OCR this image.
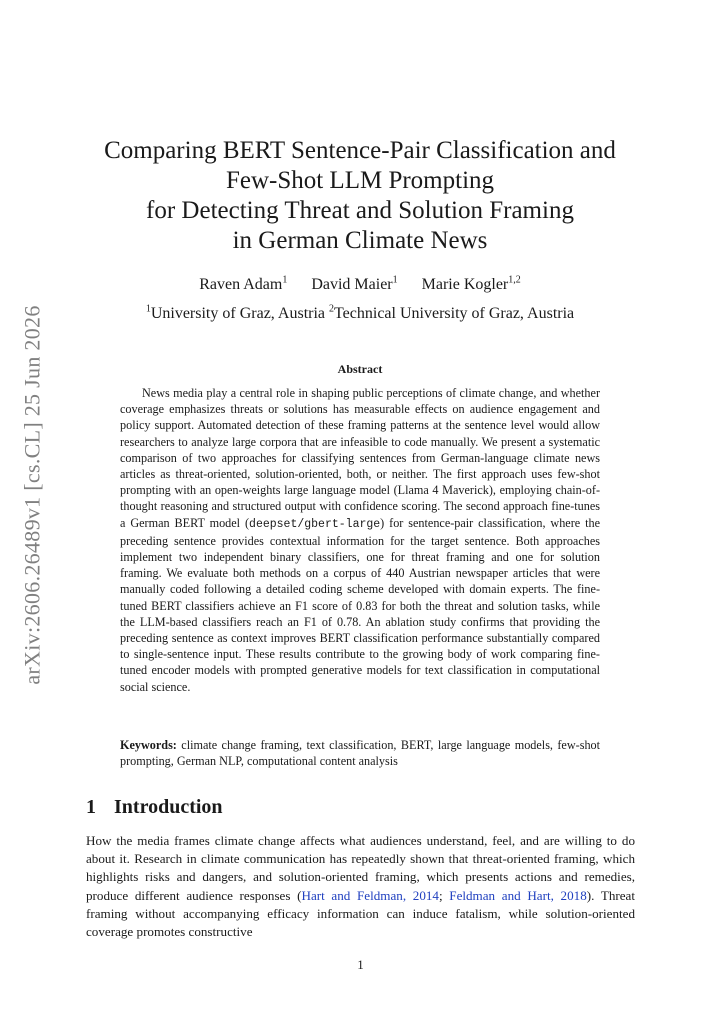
arXiv:2606.26489v1 [cs.CL] 25 Jun 2026
Comparing BERT Sentence-Pair Classification and
Few-Shot LLM Prompting
for Detecting Threat and Solution Framing
in German Climate News
Raven Adam$^1$ David Maier$^1$ Marie Kogler$^{1,2}$
$^1$University of Graz, Austria $^2$Technical University of Graz, Austria
Abstract

News media play a central role in shaping public perceptions of climate change, and whether coverage emphasizes threats or solutions has measurable effects on audience engagement and policy support. Automated detection of these framing patterns at the sentence level would allow researchers to analyze large corpora that are infeasible to code manually. We present a systematic comparison of two approaches for classifying sentences from German-language climate news articles as threat-oriented, solution-oriented, both, or neither. The first approach uses few-shot prompting with an open-weights large language model (Llama 4 Maverick), employing chain-of-thought reasoning and structured output with confidence scoring. The second approach fine-tunes a German BERT model (deepset/gbert-large) for sentence-pair classification, where the preceding sentence provides contextual information for the target sentence. Both approaches implement two independent binary classifiers, one for threat framing and one for solution framing. We evaluate both methods on a corpus of 440 Austrian newspaper articles that were manually coded following a detailed coding scheme developed with domain experts. The fine-tuned BERT classifiers achieve an F1 score of 0.83 for both the threat and solution tasks, while the LLM-based classifiers reach an F1 of 0.78. An ablation study confirms that providing the preceding sentence as context improves BERT classification performance substantially compared to single-sentence input. These results contribute to the growing body of work comparing fine-tuned encoder models with prompted generative models for text classification in computational social science.

Keywords: climate change framing, text classification, BERT, large language models, few-shot prompting, German NLP, computational content analysis

1 Introduction

How the media frames climate change affects what audiences understand, feel, and are willing to do about it. Research in climate communication has repeatedly shown that threat-oriented framing, which highlights risks and dangers, and solution-oriented framing, which presents actions and remedies, produce different audience responses (Hart and Feldman, 2014; Feldman and Hart, 2018). Threat framing without accompanying efficacy information can induce fatalism, while solution-oriented coverage promotes constructive

1
